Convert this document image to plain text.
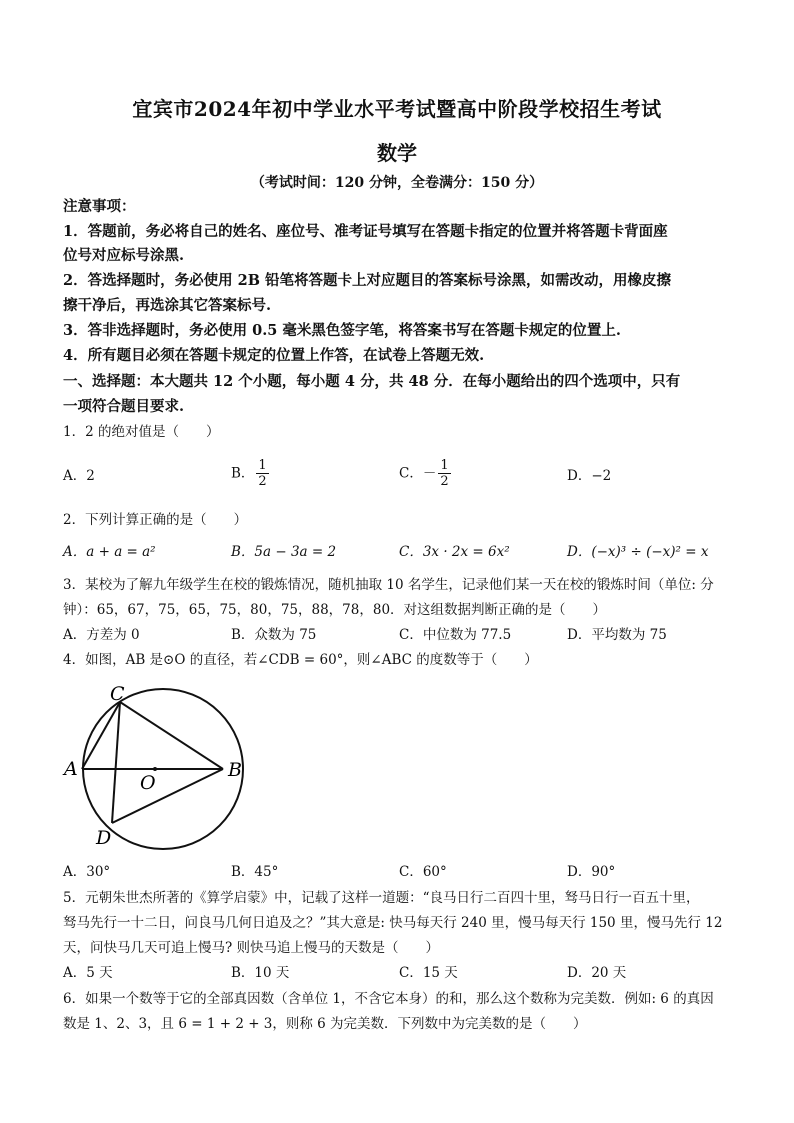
宜宾市2024年初中学业水平考试暨高中阶段学校招生考试
数学
（考试时间：120 分钟，全卷满分：150 分）
注意事项：
1．答题前，务必将自己的姓名、座位号、准考证号填写在答题卡指定的位置并将答题卡背面座
位号对应标号涂黑.
2．答选择题时，务必使用 2B 铅笔将答题卡上对应题目的答案标号涂黑，如需改动，用橡皮擦
擦干净后，再选涂其它答案标号.
3．答非选择题时，务必使用 0.5 毫米黑色签字笔，将答案书写在答题卡规定的位置上.
4．所有题目必须在答题卡规定的位置上作答，在试卷上答题无效.
一、选择题：本大题共 12 个小题，每小题 4 分，共 48 分．在每小题给出的四个选项中，只有
一项符合题目要求.
1．2 的绝对值是（　　）
A．2	B． $\frac{1}{2}$	C．－ $\frac{1}{2}$	D．−2
2．下列计算正确的是（　　）
A．a + a = a²	B．5a − 3a = 2	C．3x · 2x = 6x²	D．(−x)³ ÷ (−x)² = x
3．某校为了解九年级学生在校的锻炼情况，随机抽取 10 名学生，记录他们某一天在校的锻炼时间（单位: 分
钟）：65，67，75，65，75，80，75，88，78，80．对这组数据判断正确的是（　　）
A．方差为 0	B．众数为 75	C．中位数为 77.5	D．平均数为 75
4．如图，AB 是⊙O 的直径，若∠CDB = 60°，则∠ABC 的度数等于（　　）
C
A
O
B
D
A．30°	B．45°	C．60°	D．90°
5．元朝朱世杰所著的《算学启蒙》中，记载了这样一道题：“良马日行二百四十里，驽马日行一百五十里，
驽马先行一十二日，问良马几何日追及之？”其大意是: 快马每天行 240 里，慢马每天行 150 里，慢马先行 12
天，问快马几天可追上慢马? 则快马追上慢马的天数是（　　）
A．5 天	B．10 天	C．15 天	D．20 天
6．如果一个数等于它的全部真因数（含单位 1，不含它本身）的和，那么这个数称为完美数．例如: 6 的真因
数是 1、2、3，且 6 = 1 + 2 + 3，则称 6 为完美数．下列数中为完美数的是（　　）
